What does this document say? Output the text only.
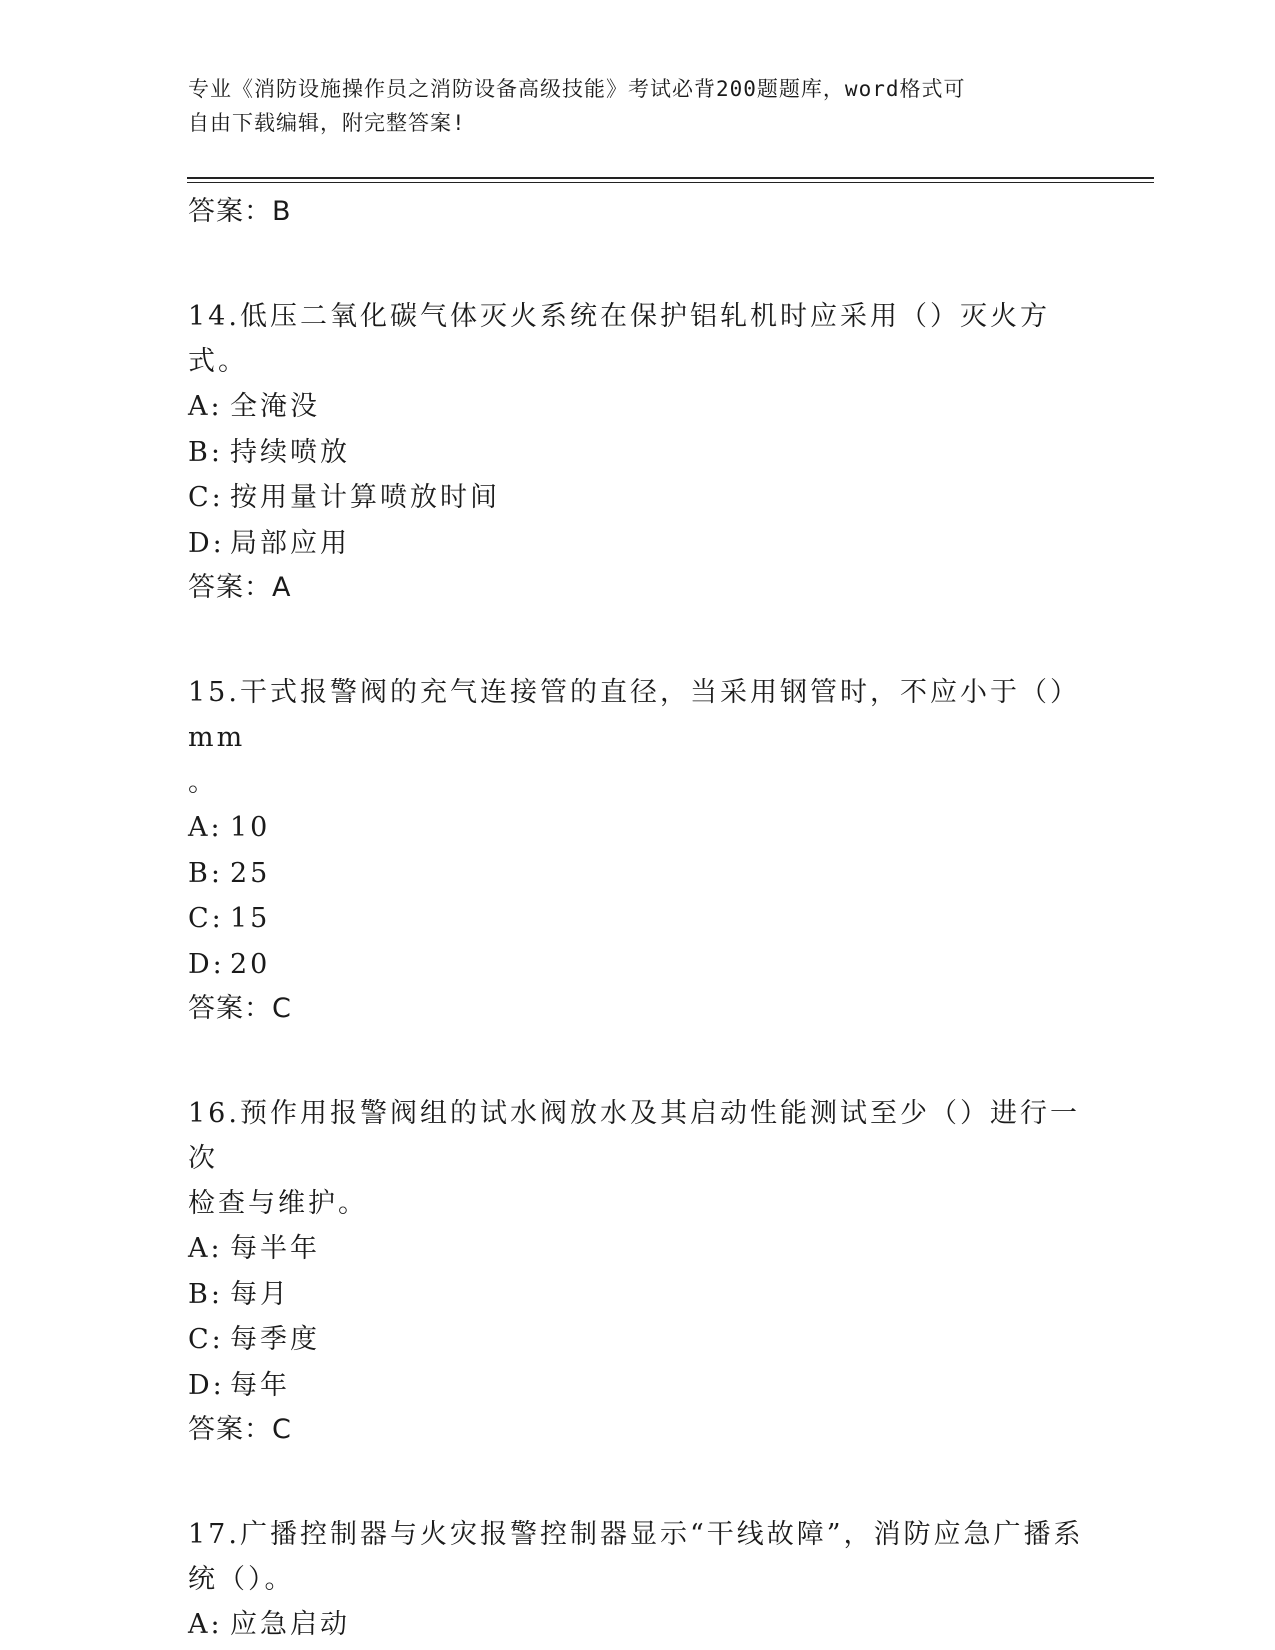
专业《消防设施操作员之消防设备高级技能》考试必背200题题库，word格式可
自由下载编辑，附完整答案!
答案：B
14.低压二氧化碳气体灭火系统在保护铝轧机时应采用（）灭火方式。
A: 全淹没
B: 持续喷放
C: 按用量计算喷放时间
D: 局部应用
答案：A
15.干式报警阀的充气连接管的直径，当采用钢管时，不应小于（）mm
。
A: 10
B: 25
C: 15
D: 20
答案：C
16.预作用报警阀组的试水阀放水及其启动性能测试至少（）进行一次
检查与维护。
A: 每半年
B: 每月
C: 每季度
D: 每年
答案：C
17.广播控制器与火灾报警控制器显示“干线故障”，消防应急广播系
统（）。
A: 应急启动
